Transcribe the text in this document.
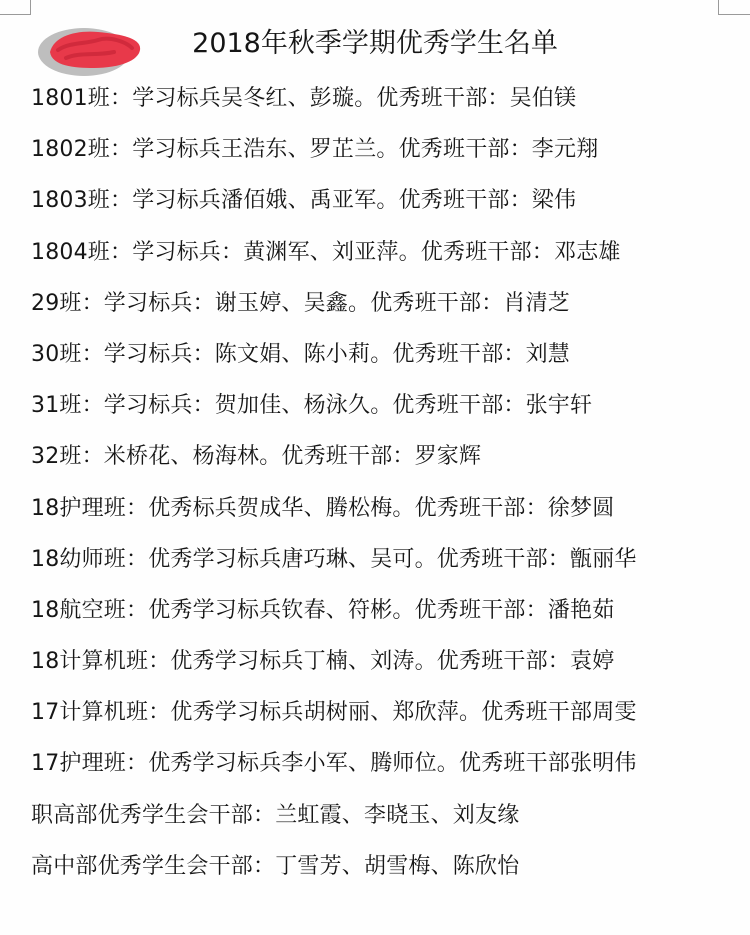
2018年秋季学期优秀学生名单
1801班：学习标兵吴冬红、彭璇。优秀班干部：吴伯镁
1802班：学习标兵王浩东、罗芷兰。优秀班干部：李元翔
1803班：学习标兵潘佰娥、禹亚军。优秀班干部：梁伟
1804班：学习标兵：黄渊军、刘亚萍。优秀班干部：邓志雄
29班：学习标兵：谢玉婷、吴鑫。优秀班干部：肖清芝
30班：学习标兵：陈文娟、陈小莉。优秀班干部：刘慧
31班：学习标兵：贺加佳、杨泳久。优秀班干部：张宇轩
32班：米桥花、杨海林。优秀班干部：罗家辉
18护理班：优秀标兵贺成华、腾松梅。优秀班干部：徐梦圆
18幼师班：优秀学习标兵唐巧琳、吴可。优秀班干部：甑丽华
18航空班：优秀学习标兵钦春、符彬。优秀班干部：潘艳茹
18计算机班：优秀学习标兵丁楠、刘涛。优秀班干部：袁婷
17计算机班：优秀学习标兵胡树丽、郑欣萍。优秀班干部周雯
17护理班：优秀学习标兵李小军、腾师位。优秀班干部张明伟
职高部优秀学生会干部：兰虹霞、李晓玉、刘友缘
高中部优秀学生会干部：丁雪芳、胡雪梅、陈欣怡
